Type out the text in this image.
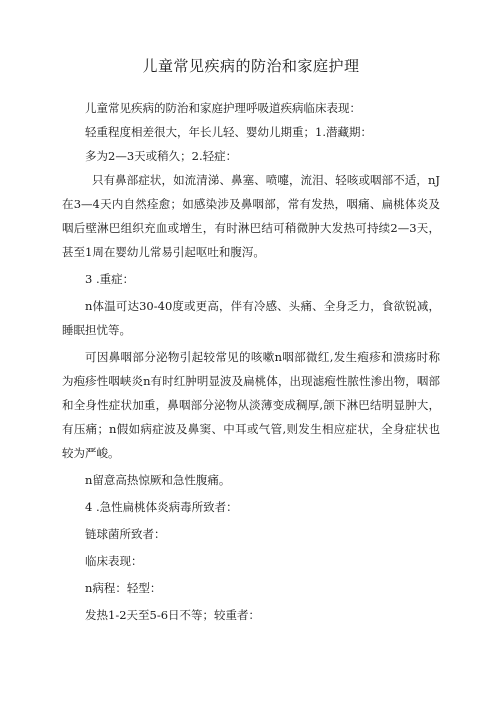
儿童常见疾病的防治和家庭护理

儿童常见疾病的防治和家庭护理呼吸道疾病临床表现：

轻重程度相差很大，年长儿轻、婴幼儿期重；1.潜藏期：

多为2—3天或稍久；2.轻症：

只有鼻部症状，如流清涕、鼻塞、喷嚏，流泪、轻咳或咽部不适，nJ在3—4天内自然痊愈；如感染涉及鼻咽部，常有发热，咽痛、扁桃体炎及咽后壁淋巴组织充血或增生，有时淋巴结可稍微肿大发热可持续2—3天，甚至1周在婴幼儿常易引起呕吐和腹泻。

3 .重症：

n体温可达30-40度或更高，伴有冷感、头痛、全身乏力，食欲锐减，睡眠担忧等。

可因鼻咽部分泌物引起较常见的咳嗽n咽部微红,发生疱疹和溃疡时称为疱疹性咽峡炎n有时红肿明显波及扁桃体，出现滤疱性脓性渗出物，咽部和全身性症状加重，鼻咽部分泌物从淡薄变成稠厚,颌下淋巴结明显肿大，有压痛；n假如病症波及鼻窦、中耳或气管,则发生相应症状，全身症状也较为严峻。

n留意高热惊厥和急性腹痛。

4 .急性扁桃体炎病毒所致者：

链球菌所致者：

临床表现：

n病程：轻型：

发热1-2天至5-6日不等；较重者：
